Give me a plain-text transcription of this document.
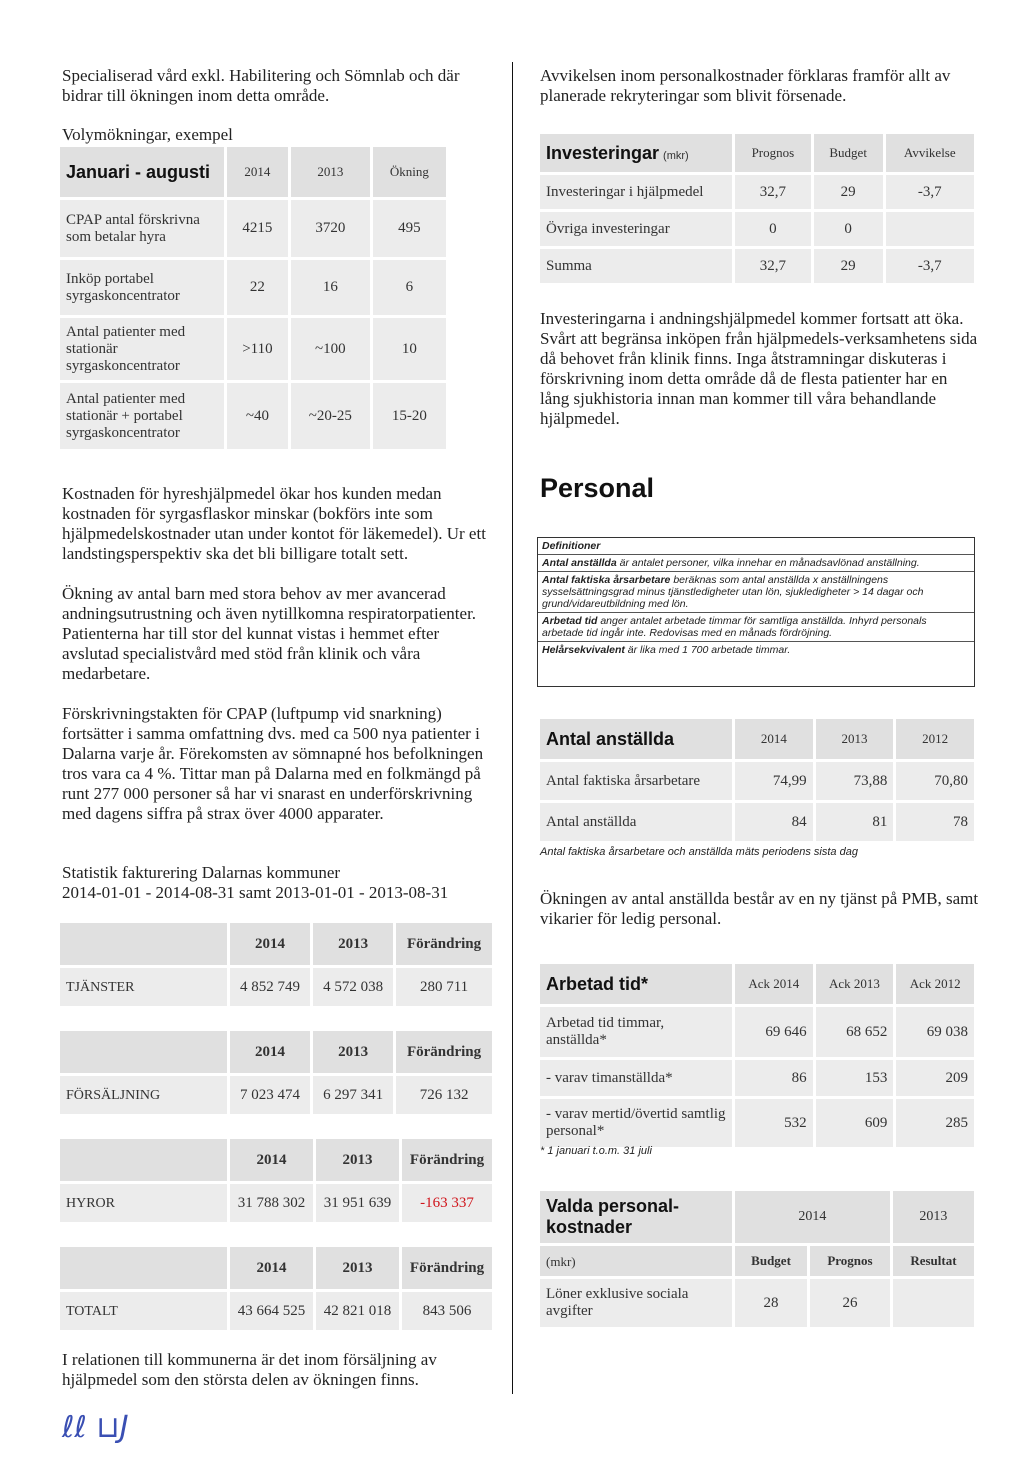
Specialiserad vård exkl. Habilitering och Sömnlab och där bidrar till ökningen inom detta område.
Volymökningar, exempel
Januari - augusti	2014	2013	Ökning
CPAP antal förskrivna som betalar hyra	4215	3720	495
Inköp portabel syrgaskoncentrator	22	16	6
Antal patienter med stationär syrgaskoncentrator	>110	~100	10
Antal patienter med stationär + portabel syrgaskoncentrator	~40	~20-25	15-20
Kostnaden för hyreshjälpmedel ökar hos kunden medan kostnaden för syrgasflaskor minskar (bokförs inte som hjälpmedelskostnader utan under kontot för läkemedel). Ur ett landstingsperspektiv ska det bli billigare totalt sett.
Ökning av antal barn med stora behov av mer avancerad andningsutrustning och även nytillkomna respiratorpatienter. Patienterna har till stor del kunnat vistas i hemmet efter avslutad specialistvård med stöd från klinik och våra medarbetare.
Förskrivningstakten för CPAP (luftpump vid snarkning) fortsätter i samma omfattning dvs. med ca 500 nya patienter i Dalarna varje år. Förekomsten av sömnapné hos befolkningen tros vara ca 4 %. Tittar man på Dalarna med en folkmängd på runt 277 000 personer så har vi snarast en underförskrivning med dagens siffra på strax över 4000 apparater.
Statistik fakturering Dalarnas kommuner
2014-01-01 - 2014-08-31 samt 2013-01-01 - 2013-08-31
	2014	2013	Förändring
TJÄNSTER	4 852 749	4 572 038	280 711
	2014	2013	Förändring
FÖRSÄLJNING	7 023 474	6 297 341	726 132
	2014	2013	Förändring
HYROR	31 788 302	31 951 639	-163 337
	2014	2013	Förändring
TOTALT	43 664 525	42 821 018	843 506
I relationen till kommunerna är det inom försäljning av hjälpmedel som den största delen av ökningen finns.
ℓℓ ⊔J
Avvikelsen inom personalkostnader förklaras framför allt av planerade rekryteringar som blivit försenade.
Investeringar (mkr)	Prognos	Budget	Avvikelse
Investeringar i hjälpmedel	32,7	29	-3,7
Övriga investeringar	0	0	
Summa	32,7	29	-3,7
Investeringarna i andningshjälpmedel kommer fortsatt att öka. Svårt att begränsa inköpen från hjälpmedels-verksamhetens sida då behovet från klinik finns. Inga åtstramningar diskuteras i förskrivning inom detta område då de flesta patienter har en lång sjukhistoria innan man kommer till våra behandlande hjälpmedel.
Personal
Definitioner
Antal anställda är antalet personer, vilka innehar en månadsavlönad anställning.
Antal faktiska årsarbetare beräknas som antal anställda x anställningens sysselsättningsgrad minus tjänstledigheter utan lön, sjukledigheter > 14 dagar och grund/vidareutbildning med lön.
Arbetad tid anger antalet arbetade timmar för samtliga anställda. Inhyrd personals arbetade tid ingår inte. Redovisas med en månads fördröjning.
Helårsekvivalent är lika med 1 700 arbetade timmar.
Antal anställda	2014	2013	2012
Antal faktiska årsarbetare	74,99	73,88	70,80
Antal anställda	84	81	78
Antal faktiska årsarbetare och anställda mäts periodens sista dag
Ökningen av antal anställda består av en ny tjänst på PMB, samt vikarier för ledig personal.
Arbetad tid*	Ack 2014	Ack 2013	Ack 2012
Arbetad tid timmar, anställda*	69 646	68 652	69 038
- varav timanställda*	86	153	209
- varav mertid/övertid samtlig personal*	532	609	285
* 1 januari t.o.m. 31 juli
Valda personal-kostnader	2014		2013
(mkr)	Budget	Prognos	Resultat
Löner exklusive sociala avgifter	28	26	
